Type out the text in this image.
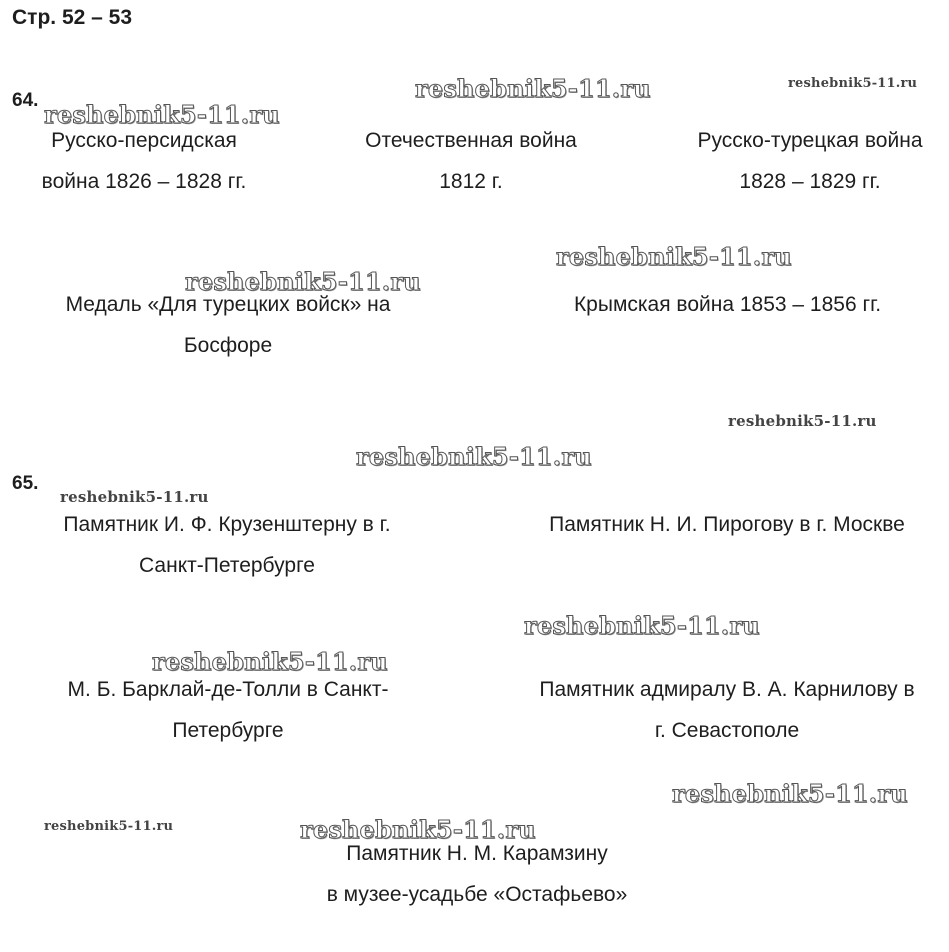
Стр. 52 – 53
reshebnik5-11.ru	reshebnik5-11.ru
reshebnik5-11.ru
reshebnik5-11.ru
reshebnik5-11.ru
reshebnik5-11.ru
reshebnik5-11.ru
reshebnik5-11.ru
reshebnik5-11.ru
reshebnik5-11.ru
reshebnik5-11.ru
reshebnik5-11.ru	reshebnik5-11.ru
64.
Русско-персидская
война 1826 – 1828 гг.
Отечественная война
1812 г.
Русско-турецкая война
1828 – 1829 гг.
Медаль «Для турецких войск» на
Босфоре
Крымская война 1853 – 1856 гг.
65.
Памятник И. Ф. Крузенштерну в г.
Санкт-Петербурге
Памятник Н. И. Пирогову в г. Москве
М. Б. Барклай-де-Толли в Санкт-
Петербурге
Памятник адмиралу В. А. Карнилову в
г. Севастополе
Памятник Н. М. Карамзину
в музее-усадьбе «Остафьево»
